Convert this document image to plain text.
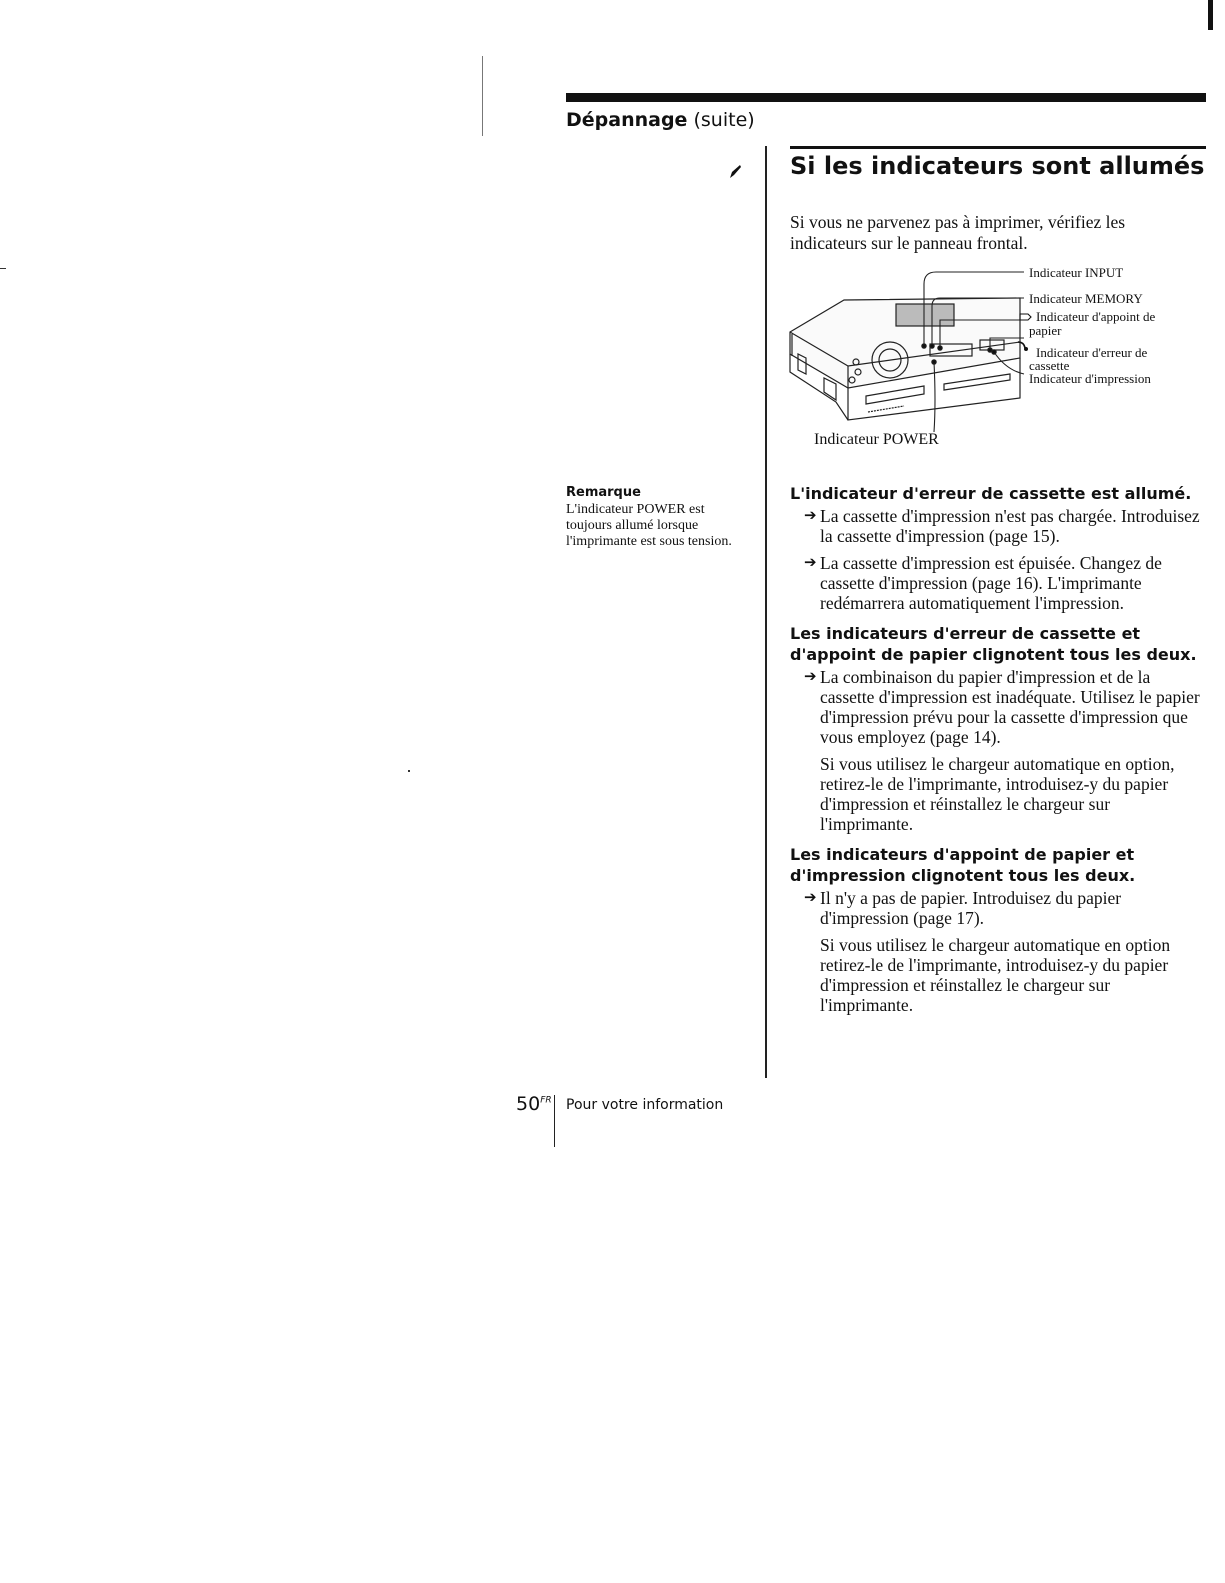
Dépannage (suite)
Si les indicateurs sont allumés

Si vous ne parvenez pas à imprimer, vérifiez les indicateurs sur le panneau frontal.

Indicateur INPUT
Indicateur MEMORY
Indicateur d'appoint de
papier
Indicateur d'erreur de
cassette
Indicateur d'impression
Indicateur POWER

Remarque

L'indicateur POWER est toujours allumé lorsque l'imprimante est sous tension.

L'indicateur d'erreur de cassette est allumé.

➔ La cassette d'impression n'est pas chargée. Introduisez la cassette d'impression (page 15).

➔ La cassette d'impression est épuisée. Changez de cassette d'impression (page 16). L'imprimante redémarrera automatiquement l'impression.

Les indicateurs d'erreur de cassette et d'appoint de papier clignotent tous les deux.

➔ La combinaison du papier d'impression et de la cassette d'impression est inadéquate. Utilisez le papier d'impression prévu pour la cassette d'impression que vous employez (page 14).

Si vous utilisez le chargeur automatique en option, retirez-le de l'imprimante, introduisez-y du papier d'impression et réinstallez le chargeur sur l'imprimante.

Les indicateurs d'appoint de papier et d'impression clignotent tous les deux.

➔ Il n'y a pas de papier. Introduisez du papier d'impression (page 17).

Si vous utilisez le chargeur automatique en option retirez-le de l'imprimante, introduisez-y du papier d'impression et réinstallez le chargeur sur l'imprimante.

$50^{FR}$ Pour votre information
